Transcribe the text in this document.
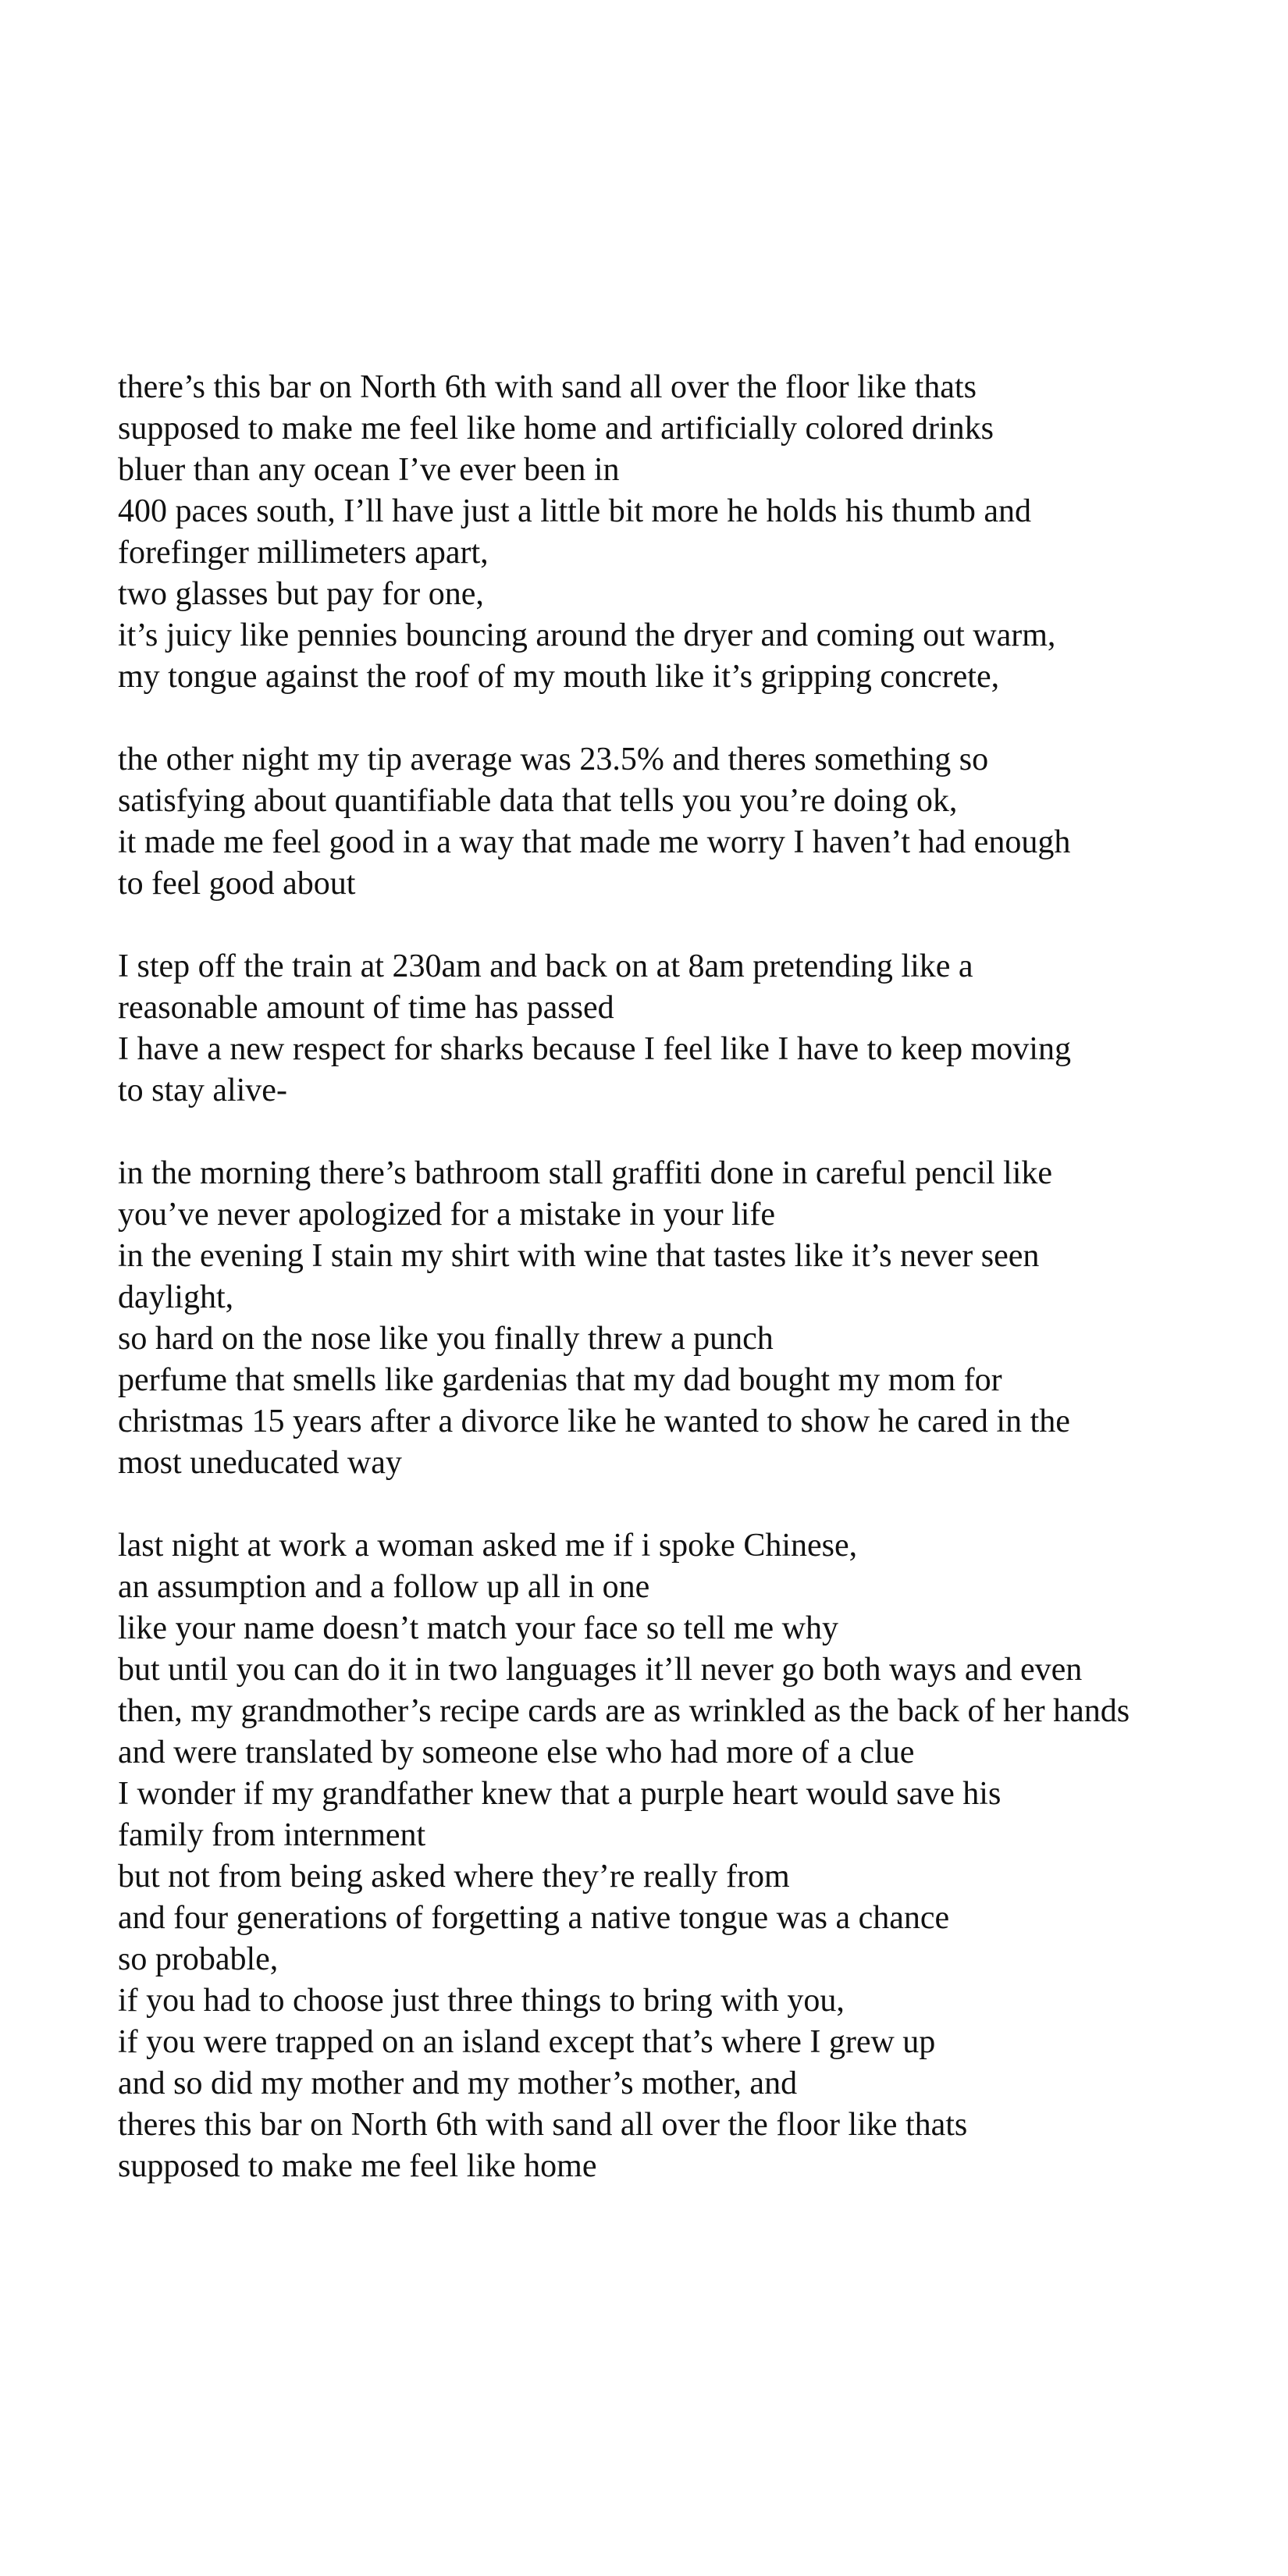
there’s this bar on North 6th with sand all over the floor like thats
supposed to make me feel like home and artificially colored drinks
bluer than any ocean I’ve ever been in
400 paces south, I’ll have just a little bit more he holds his thumb and
forefinger millimeters apart,
two glasses but pay for one,
it’s juicy like pennies bouncing around the dryer and coming out warm,
my tongue against the roof of my mouth like it’s gripping concrete,
the other night my tip average was 23.5% and theres something so
satisfying about quantifiable data that tells you you’re doing ok,
it made me feel good in a way that made me worry I haven’t had enough
to feel good about
I step off the train at 230am and back on at 8am pretending like a
reasonable amount of time has passed
I have a new respect for sharks because I feel like I have to keep moving
to stay alive-
in the morning there’s bathroom stall graffiti done in careful pencil like
you’ve never apologized for a mistake in your life
in the evening I stain my shirt with wine that tastes like it’s never seen
daylight,
so hard on the nose like you finally threw a punch
perfume that smells like gardenias that my dad bought my mom for
christmas 15 years after a divorce like he wanted to show he cared in the
most uneducated way
last night at work a woman asked me if i spoke Chinese,
an assumption and a follow up all in one
like your name doesn’t match your face so tell me why
but until you can do it in two languages it’ll never go both ways and even
then, my grandmother’s recipe cards are as wrinkled as the back of her hands
and were translated by someone else who had more of a clue
I wonder if my grandfather knew that a purple heart would save his
family from internment
but not from being asked where they’re really from
and four generations of forgetting a native tongue was a chance
so probable,
if you had to choose just three things to bring with you,
if you were trapped on an island except that’s where I grew up
and so did my mother and my mother’s mother, and
theres this bar on North 6th with sand all over the floor like thats
supposed to make me feel like home
